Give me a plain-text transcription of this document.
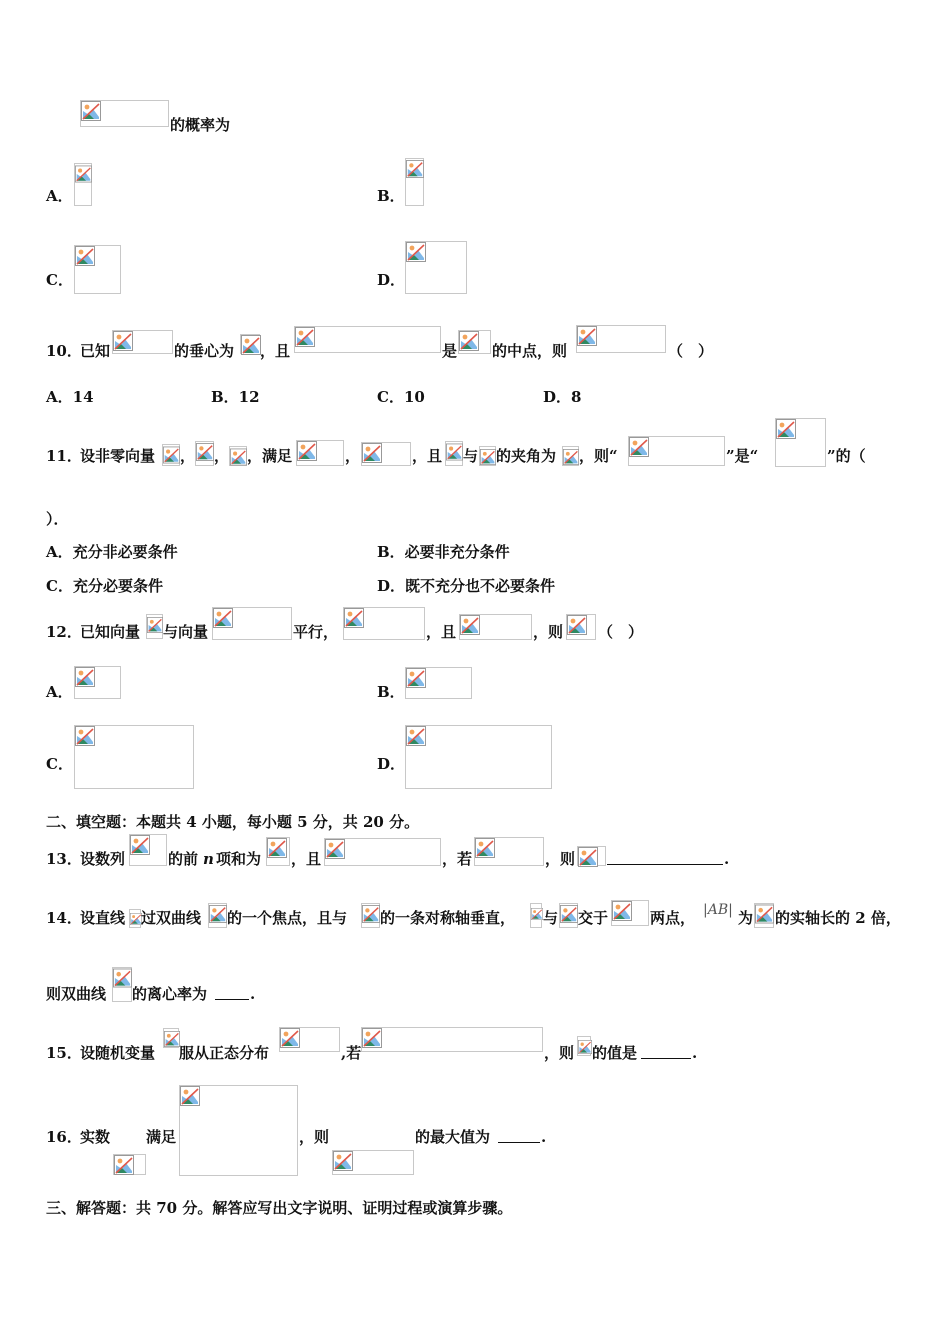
的概率为
A．	B．
C．	D．
10．
已知	的垂心为 ，且	是 的中点，则	（　）
A．14	B．12	C．10	D．8
11．
设非零向量 ， ， ，满足	，	，且 与 的夹角为 ，则“	”是“	”的（
）．
A．充分非必要条件	B．必要非充分条件
C．充分必要条件	D．既不充分也不必要条件
12．
已知向量 与向量	平行，	，且	，则 （　）
A．	B．
C．	D．
二、填空题：本题共 4 小题，每小题 5 分，共 20 分。
13．
设数列	的前 n 项和为 ，且	，若	，则	.
14．
设直线 过双曲线 的一个焦点，且与 的一条对称轴垂直， 与 交于	两点， |AB| 为 的实轴长的 2 倍，
则双曲线 的离心率为	.
15．
设随机变量 服从正态分布	,若	，则 的值是	.
16．
实数 满足	，则	的最大值为	.
三、解答题：共 70 分。解答应写出文字说明、证明过程或演算步骤。
